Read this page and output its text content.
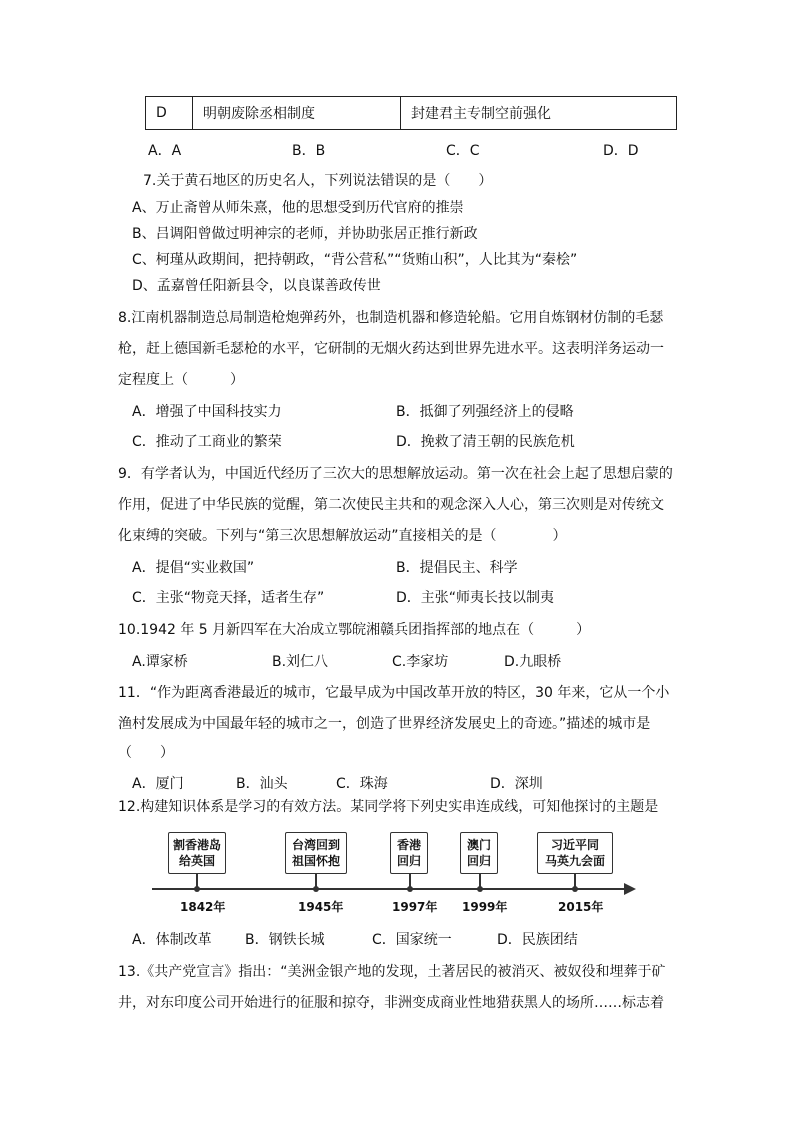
D	明朝废除丞相制度	封建君主专制空前强化
A．A	B．B	C．C	D．D
7.关于黄石地区的历史名人，下列说法错误的是（　　）
A、万止斋曾从师朱熹，他的思想受到历代官府的推崇
B、吕调阳曾做过明神宗的老师，并协助张居正推行新政
C、柯瑾从政期间，把持朝政，“背公营私”“货贿山积”，人比其为“秦桧”
D、孟嘉曾任阳新县令，以良谋善政传世
8.江南机器制造总局制造枪炮弹药外，也制造机器和修造轮船。它用自炼钢材仿制的毛瑟
枪，赶上德国新毛瑟枪的水平，它研制的无烟火药达到世界先进水平。这表明洋务运动一
定程度上（　　　）
A．增强了中国科技实力	B．抵御了列强经济上的侵略
C．推动了工商业的繁荣	D．挽救了清王朝的民族危机
9．有学者认为，中国近代经历了三次大的思想解放运动。第一次在社会上起了思想启蒙的
作用，促进了中华民族的觉醒，第二次使民主共和的观念深入人心，第三次则是对传统文
化束缚的突破。下列与“第三次思想解放运动”直接相关的是（　　　　）
A．提倡“实业救国”	B．提倡民主、科学
C．主张“物竞天择，适者生存”	D．主张“师夷长技以制夷
10.1942 年 5 月新四军在大冶成立鄂皖湘赣兵团指挥部的地点在（　　　）
A.谭家桥	B.刘仁八	C.李家坊	D.九眼桥
11．“作为距离香港最近的城市，它最早成为中国改革开放的特区，30 年来，它从一个小
渔村发展成为中国最年轻的城市之一，创造了世界经济发展史上的奇迹。”描述的城市是
（　　）
A．厦门	B．汕头	C．珠海	D．深圳
12.构建知识体系是学习的有效方法。某同学将下列史实串连成线，可知他探讨的主题是
割香港岛
给英国
1842年
台湾回到
祖国怀抱
1945年
香港
回归
1997年
澳门
回归
1999年
习近平同
马英九会面
2015年
A．体制改革 B．钢铁长城	C．国家统一	D．民族团结
13.《共产党宣言》指出：“美洲金银产地的发现，土著居民的被消灭、被奴役和埋葬于矿
井，对东印度公司开始进行的征服和掠夺，非洲变成商业性地猎获黑人的场所……标志着
